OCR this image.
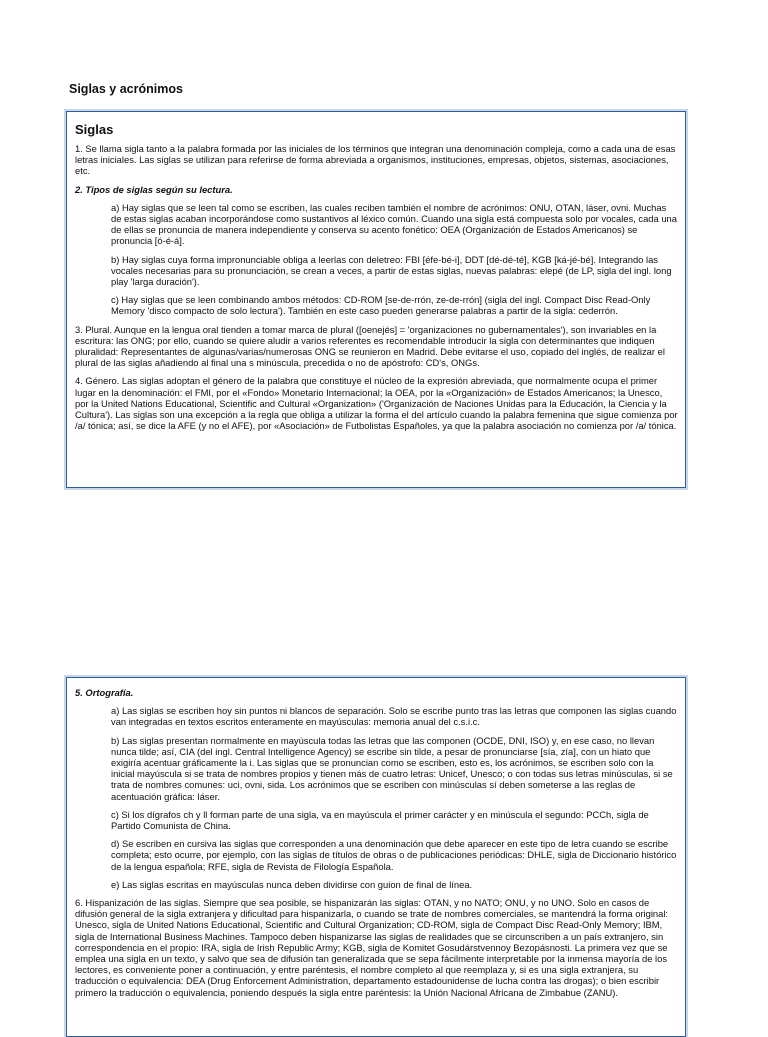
Siglas y acrónimos
Siglas

1. Se llama sigla tanto a la palabra formada por las iniciales de los términos que integran una denominación compleja, como a cada una de esas letras iniciales. Las siglas se utilizan para referirse de forma abreviada a organismos, instituciones, empresas, objetos, sistemas, asociaciones, etc.

2. Tipos de siglas según su lectura.

a) Hay siglas que se leen tal como se escriben, las cuales reciben también el nombre de acrónimos: ONU, OTAN, láser, ovni. Muchas de estas siglas acaban incorporándose como sustantivos al léxico común. Cuando una sigla está compuesta solo por vocales, cada una de ellas se pronuncia de manera independiente y conserva su acento fonético: OEA (Organización de Estados Americanos) se pronuncia [ó-é-á].

b) Hay siglas cuya forma impronunciable obliga a leerlas con deletreo: FBI [éfe-bé-i], DDT [dé-dé-té], KGB [ká-jé-bé]. Integrando las vocales necesarias para su pronunciación, se crean a veces, a partir de estas siglas, nuevas palabras: elepé (de LP, sigla del ingl. long play 'larga duración').

c) Hay siglas que se leen combinando ambos métodos: CD-ROM [se-de-rrón, ze-de-rrón] (sigla del ingl. Compact Disc Read-Only Memory 'disco compacto de solo lectura'). También en este caso pueden generarse palabras a partir de la sigla: cederrón.

3. Plural. Aunque en la lengua oral tienden a tomar marca de plural ([oenejés] = 'organizaciones no gubernamentales'), son invariables en la escritura: las ONG; por ello, cuando se quiere aludir a varios referentes es recomendable introducir la sigla con determinantes que indiquen pluralidad: Representantes de algunas/varias/numerosas ONG se reunieron en Madrid. Debe evitarse el uso, copiado del inglés, de realizar el plural de las siglas añadiendo al final una s minúscula, precedida o no de apóstrofo: CD's, ONGs.

4. Género. Las siglas adoptan el género de la palabra que constituye el núcleo de la expresión abreviada, que normalmente ocupa el primer lugar en la denominación: el FMI, por el «Fondo» Monetario Internacional; la OEA, por la «Organización» de Estados Americanos; la Unesco, por la United Nations Educational, Scientific and Cultural «Organization» ('Organización de Naciones Unidas para la Educación, la Ciencia y la Cultura'). Las siglas son una excepción a la regla que obliga a utilizar la forma el del artículo cuando la palabra femenina que sigue comienza por /a/ tónica; así, se dice la AFE (y no el AFE), por «Asociación» de Futbolistas Españoles, ya que la palabra asociación no comienza por /a/ tónica.

5. Ortografía.

a) Las siglas se escriben hoy sin puntos ni blancos de separación. Solo se escribe punto tras las letras que componen las siglas cuando van integradas en textos escritos enteramente en mayúsculas: memoria anual del c.s.i.c.

b) Las siglas presentan normalmente en mayúscula todas las letras que las componen (OCDE, DNI, ISO) y, en ese caso, no llevan nunca tilde; así, CIA (del ingl. Central Intelligence Agency) se escribe sin tilde, a pesar de pronunciarse [sía, zía], con un hiato que exigiría acentuar gráficamente la i. Las siglas que se pronuncian como se escriben, esto es, los acrónimos, se escriben solo con la inicial mayúscula si se trata de nombres propios y tienen más de cuatro letras: Unicef, Unesco; o con todas sus letras minúsculas, si se trata de nombres comunes: uci, ovni, sida. Los acrónimos que se escriben con minúsculas sí deben someterse a las reglas de acentuación gráfica: láser.

c) Si los dígrafos ch y ll forman parte de una sigla, va en mayúscula el primer carácter y en minúscula el segundo: PCCh, sigla de Partido Comunista de China.

d) Se escriben en cursiva las siglas que corresponden a una denominación que debe aparecer en este tipo de letra cuando se escribe completa; esto ocurre, por ejemplo, con las siglas de títulos de obras o de publicaciones periódicas: DHLE, sigla de Diccionario histórico de la lengua española; RFE, sigla de Revista de Filología Española.

e) Las siglas escritas en mayúsculas nunca deben dividirse con guion de final de línea.

6. Hispanización de las siglas. Siempre que sea posible, se hispanizarán las siglas: OTAN, y no NATO; ONU, y no UNO. Solo en casos de difusión general de la sigla extranjera y dificultad para hispanizarla, o cuando se trate de nombres comerciales, se mantendrá la forma original: Unesco, sigla de United Nations Educational, Scientific and Cultural Organization; CD-ROM, sigla de Compact Disc Read-Only Memory; IBM, sigla de International Business Machines. Tampoco deben hispanizarse las siglas de realidades que se circunscriben a un país extranjero, sin correspondencia en el propio: IRA, sigla de Irish Republic Army; KGB, sigla de Komitet Gosudárstvennoy Bezopásnosti. La primera vez que se emplea una sigla en un texto, y salvo que sea de difusión tan generalizada que se sepa fácilmente interpretable por la inmensa mayoría de los lectores, es conveniente poner a continuación, y entre paréntesis, el nombre completo al que reemplaza y, si es una sigla extranjera, su traducción o equivalencia: DEA (Drug Enforcement Administration, departamento estadounidense de lucha contra las drogas); o bien escribir primero la traducción o equivalencia, poniendo después la sigla entre paréntesis: la Unión Nacional Africana de Zimbabue (ZANU).
